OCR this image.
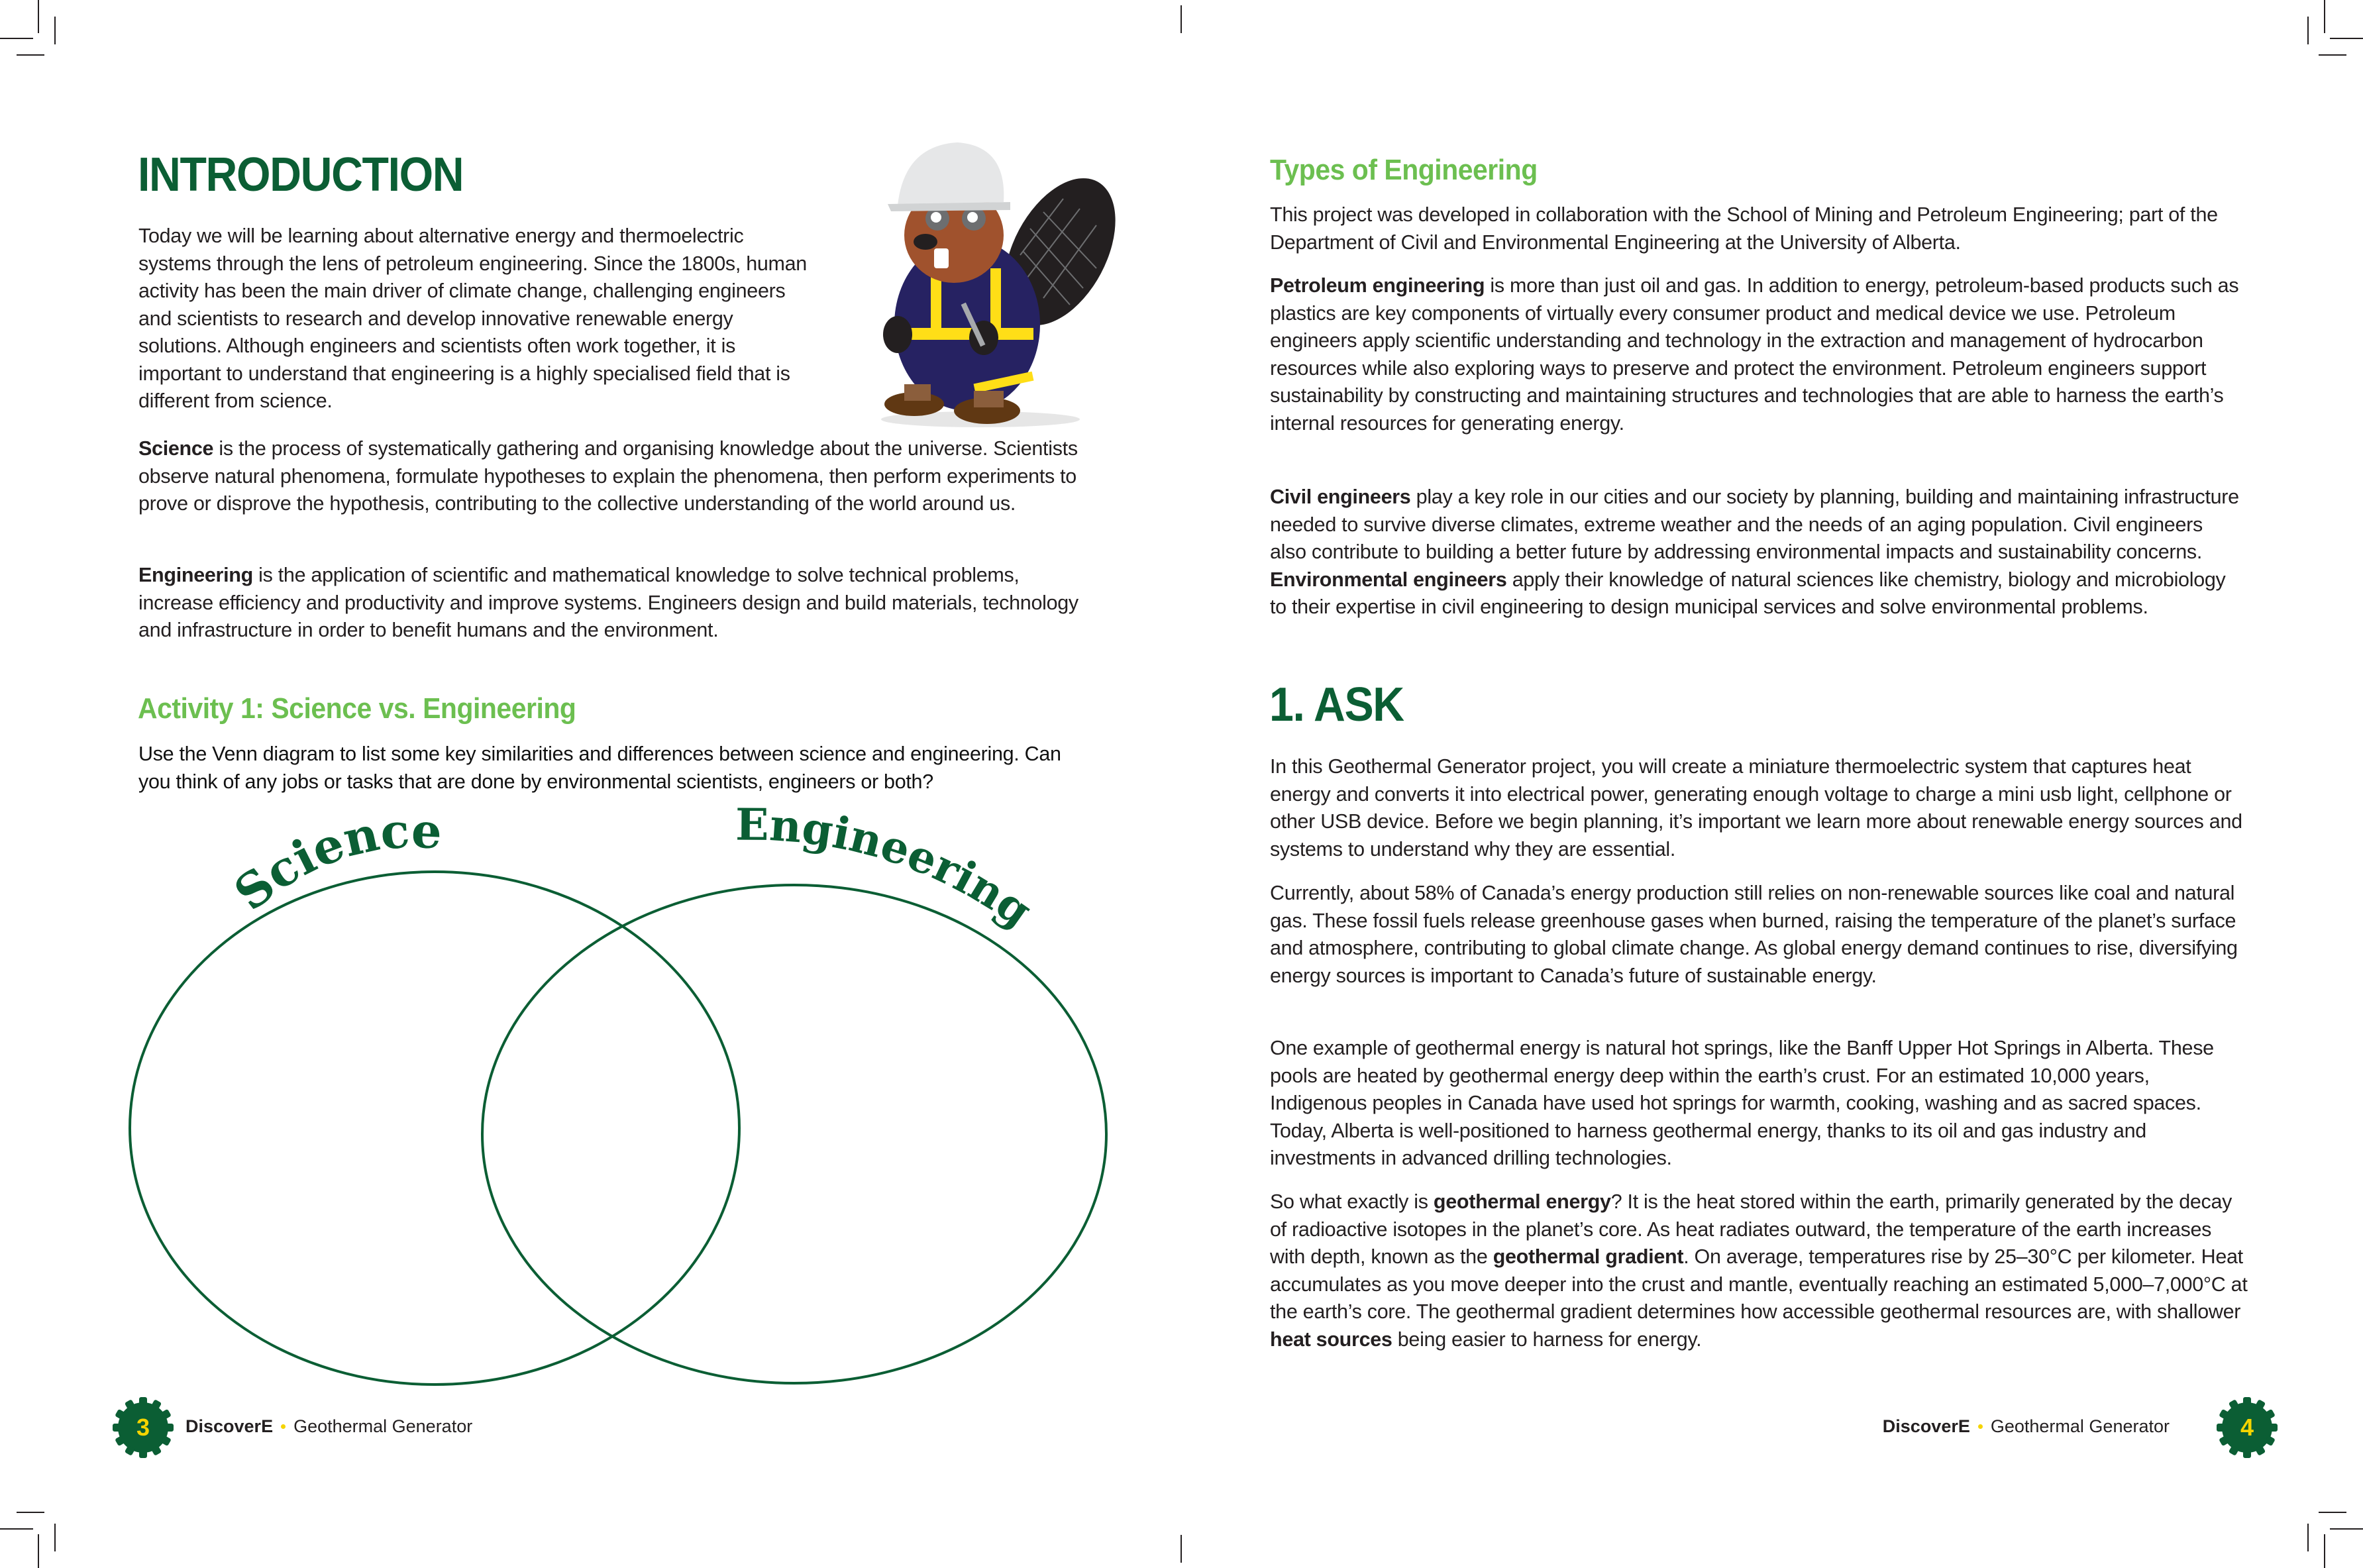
INTRODUCTION

Today we will be learning about alternative energy and thermoelectric systems through the lens of petroleum engineering. Since the 1800s, human activity has been the main driver of climate change, challenging engineers and scientists to research and develop innovative renewable energy solutions. Although engineers and scientists often work together, it is important to understand that engineering is a highly specialised field that is different from science.

Science is the process of systematically gathering and organising knowledge about the universe. Scientists observe natural phenomena, formulate hypotheses to explain the phenomena, then perform experiments to prove or disprove the hypothesis, contributing to the collective understanding of the world around us.

Engineering is the application of scientific and mathematical knowledge to solve technical problems, increase efficiency and productivity and improve systems. Engineers design and build materials, technology and infrastructure in order to benefit humans and the environment.

Activity 1: Science vs. Engineering

Use the Venn diagram to list some key similarities and differences between science and engineering. Can you think of any jobs or tasks that are done by environmental scientists, engineers or both?

Science	Engineering
3	DiscoverE Geothermal Generator
Types of Engineering

This project was developed in collaboration with the School of Mining and Petroleum Engineering; part of the Department of Civil and Environmental Engineering at the University of Alberta.

Petroleum engineering is more than just oil and gas. In addition to energy, petroleum-based products such as plastics are key components of virtually every consumer product and medical device we use. Petroleum engineers apply scientific understanding and technology in the extraction and management of hydrocarbon resources while also exploring ways to preserve and protect the environment. Petroleum engineers support sustainability by constructing and maintaining structures and technologies that are able to harness the earth’s internal resources for generating energy.

Civil engineers play a key role in our cities and our society by planning, building and maintaining infrastructure needed to survive diverse climates, extreme weather and the needs of an aging population. Civil engineers also contribute to building a better future by addressing environmental impacts and sustainability concerns. Environmental engineers apply their knowledge of natural sciences like chemistry, biology and microbiology to their expertise in civil engineering to design municipal services and solve environmental problems.

1. ASK

In this Geothermal Generator project, you will create a miniature thermoelectric system that captures heat energy and converts it into electrical power, generating enough voltage to charge a mini usb light, cellphone or other USB device. Before we begin planning, it’s important we learn more about renewable energy sources and systems to understand why they are essential.

Currently, about 58% of Canada’s energy production still relies on non-renewable sources like coal and natural gas. These fossil fuels release greenhouse gases when burned, raising the temperature of the planet’s surface and atmosphere, contributing to global climate change. As global energy demand continues to rise, diversifying energy sources is important to Canada’s future of sustainable energy.

One example of geothermal energy is natural hot springs, like the Banff Upper Hot Springs in Alberta. These pools are heated by geothermal energy deep within the earth’s crust. For an estimated 10,000 years, Indigenous peoples in Canada have used hot springs for warmth, cooking, washing and as sacred spaces. Today, Alberta is well-positioned to harness geothermal energy, thanks to its oil and gas industry and investments in advanced drilling technologies.

So what exactly is geothermal energy? It is the heat stored within the earth, primarily generated by the decay of radioactive isotopes in the planet’s core. As heat radiates outward, the temperature of the earth increases with depth, known as the geothermal gradient. On average, temperatures rise by 25–30°C per kilometer. Heat accumulates as you move deeper into the crust and mantle, eventually reaching an estimated 5,000–7,000°C at the earth’s core. The geothermal gradient determines how accessible geothermal resources are, with shallower heat sources being easier to harness for energy.

DiscoverE Geothermal Generator	4
